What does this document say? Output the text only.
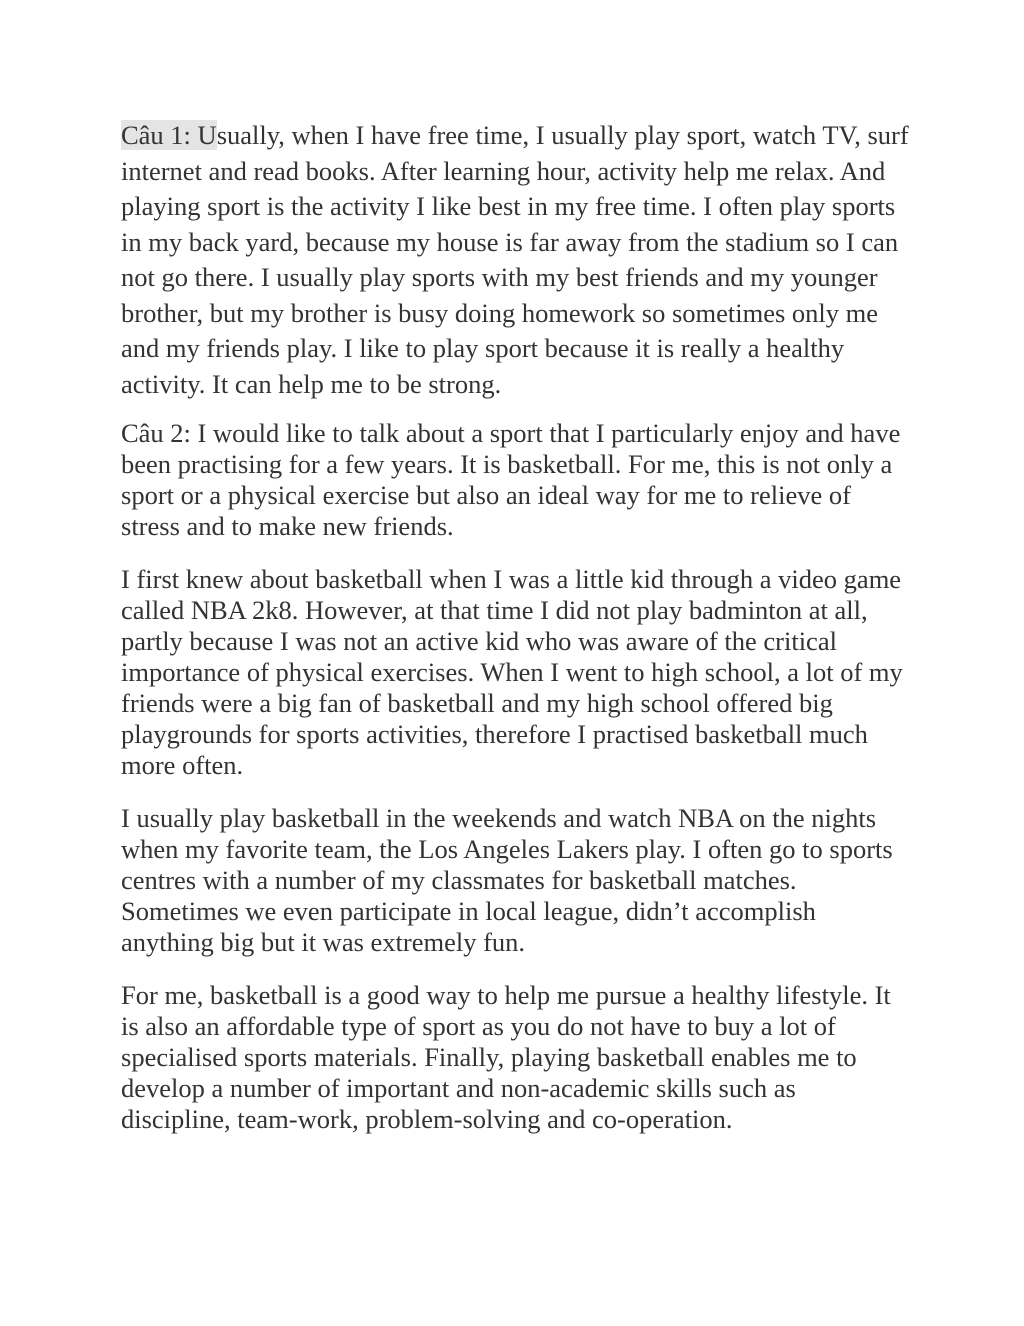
Câu 1: Usually, when I have free time, I usually play sport, watch TV, surf internet and read books. After learning hour, activity help me relax. And playing sport is the activity I like best in my free time. I often play sports in my back yard, because my house is far away from the stadium so I can not go there. I usually play sports with my best friends and my younger brother, but my brother is busy doing homework so sometimes only me and my friends play. I like to play sport because it is really a healthy activity. It can help me to be strong.

Câu 2: I would like to talk about a sport that I particularly enjoy and have been practising for a few years. It is basketball. For me, this is not only a sport or a physical exercise but also an ideal way for me to relieve of stress and to make new friends.

I first knew about basketball when I was a little kid through a video game called NBA 2k8. However, at that time I did not play badminton at all, partly because I was not an active kid who was aware of the critical importance of physical exercises. When I went to high school, a lot of my friends were a big fan of basketball and my high school offered big playgrounds for sports activities, therefore I practised basketball much more often.

I usually play basketball in the weekends and watch NBA on the nights when my favorite team, the Los Angeles Lakers play. I often go to sports centres with a number of my classmates for basketball matches. Sometimes we even participate in local league, didn’t accomplish anything big but it was extremely fun.

For me, basketball is a good way to help me pursue a healthy lifestyle. It is also an affordable type of sport as you do not have to buy a lot of specialised sports materials. Finally, playing basketball enables me to develop a number of important and non-academic skills such as discipline, team-work, problem-solving and co-operation.
